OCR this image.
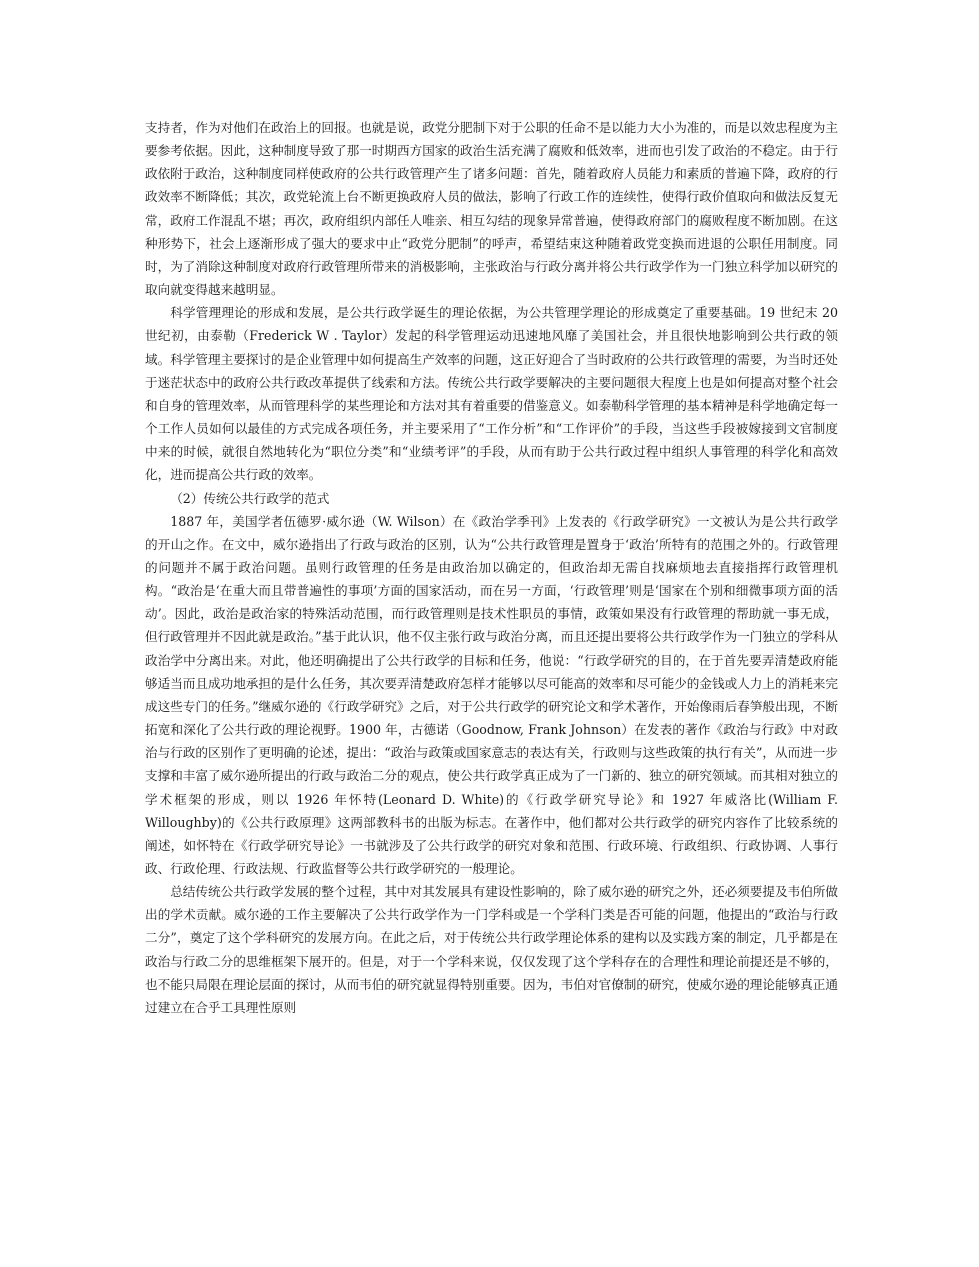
支持者，作为对他们在政治上的回报。也就是说，政党分肥制下对于公职的任命不是以能力大小为准的，而是以效忠程度为主要参考依据。因此，这种制度导致了那一时期西方国家的政治生活充满了腐败和低效率，进而也引发了政治的不稳定。由于行政依附于政治，这种制度同样使政府的公共行政管理产生了诸多问题：首先，随着政府人员能力和素质的普遍下降，政府的行政效率不断降低；其次，政党轮流上台不断更换政府人员的做法，影响了行政工作的连续性，使得行政价值取向和做法反复无常，政府工作混乱不堪；再次，政府组织内部任人唯亲、相互勾结的现象异常普遍，使得政府部门的腐败程度不断加剧。在这种形势下，社会上逐渐形成了强大的要求中止“政党分肥制”的呼声，希望结束这种随着政党变换而进退的公职任用制度。同时，为了消除这种制度对政府行政管理所带来的消极影响，主张政治与行政分离并将公共行政学作为一门独立科学加以研究的取向就变得越来越明显。

科学管理理论的形成和发展，是公共行政学诞生的理论依据，为公共管理学理论的形成奠定了重要基础。19 世纪末 20 世纪初，由泰勒（Frederick W . Taylor）发起的科学管理运动迅速地风靡了美国社会，并且很快地影响到公共行政的领域。科学管理主要探讨的是企业管理中如何提高生产效率的问题，这正好迎合了当时政府的公共行政管理的需要，为当时还处于迷茫状态中的政府公共行政改革提供了线索和方法。传统公共行政学要解决的主要问题很大程度上也是如何提高对整个社会和自身的管理效率，从而管理科学的某些理论和方法对其有着重要的借鉴意义。如泰勒科学管理的基本精神是科学地确定每一个工作人员如何以最佳的方式完成各项任务，并主要采用了“工作分析”和“工作评价”的手段，当这些手段被嫁接到文官制度中来的时候，就很自然地转化为“职位分类”和“业绩考评”的手段，从而有助于公共行政过程中组织人事管理的科学化和高效化，进而提高公共行政的效率。

（2）传统公共行政学的范式

1887 年，美国学者伍德罗·威尔逊（W. Wilson）在《政治学季刊》上发表的《行政学研究》一文被认为是公共行政学的开山之作。在文中，威尔逊指出了行政与政治的区别，认为“公共行政管理是置身于‘政治’所特有的范围之外的。行政管理的问题并不属于政治问题。虽则行政管理的任务是由政治加以确定的，但政治却无需自找麻烦地去直接指挥行政管理机构。“政治是‘在重大而且带普遍性的事项’方面的国家活动，而在另一方面，‘行政管理’则是‘国家在个别和细微事项方面的活动’。因此，政治是政治家的特殊活动范围，而行政管理则是技术性职员的事情，政策如果没有行政管理的帮助就一事无成，但行政管理并不因此就是政治。”基于此认识，他不仅主张行政与政治分离，而且还提出要将公共行政学作为一门独立的学科从政治学中分离出来。对此，他还明确提出了公共行政学的目标和任务，他说：“行政学研究的目的，在于首先要弄清楚政府能够适当而且成功地承担的是什么任务，其次要弄清楚政府怎样才能够以尽可能高的效率和尽可能少的金钱或人力上的消耗来完成这些专门的任务。”继威尔逊的《行政学研究》之后，对于公共行政学的研究论文和学术著作，开始像雨后春笋般出现，不断拓宽和深化了公共行政的理论视野。1900 年，古德诺（Goodnow, Frank Johnson）在发表的著作《政治与行政》中对政治与行政的区别作了更明确的论述，提出：“政治与政策或国家意志的表达有关，行政则与这些政策的执行有关”，从而进一步支撑和丰富了威尔逊所提出的行政与政治二分的观点，使公共行政学真正成为了一门新的、独立的研究领域。而其相对独立的学术框架的形成，则以 1926 年怀特(Leonard D. White)的《行政学研究导论》和 1927 年威洛比(William F. Willoughby)的《公共行政原理》这两部教科书的出版为标志。在著作中，他们都对公共行政学的研究内容作了比较系统的阐述，如怀特在《行政学研究导论》一书就涉及了公共行政学的研究对象和范围、行政环境、行政组织、行政协调、人事行政、行政伦理、行政法规、行政监督等公共行政学研究的一般理论。

总结传统公共行政学发展的整个过程，其中对其发展具有建设性影响的，除了威尔逊的研究之外，还必须要提及韦伯所做出的学术贡献。威尔逊的工作主要解决了公共行政学作为一门学科或是一个学科门类是否可能的问题，他提出的“政治与行政二分”，奠定了这个学科研究的发展方向。在此之后，对于传统公共行政学理论体系的建构以及实践方案的制定，几乎都是在政治与行政二分的思维框架下展开的。但是，对于一个学科来说，仅仅发现了这个学科存在的合理性和理论前提还是不够的，也不能只局限在理论层面的探讨，从而韦伯的研究就显得特别重要。因为，韦伯对官僚制的研究，使威尔逊的理论能够真正通过建立在合乎工具理性原则
